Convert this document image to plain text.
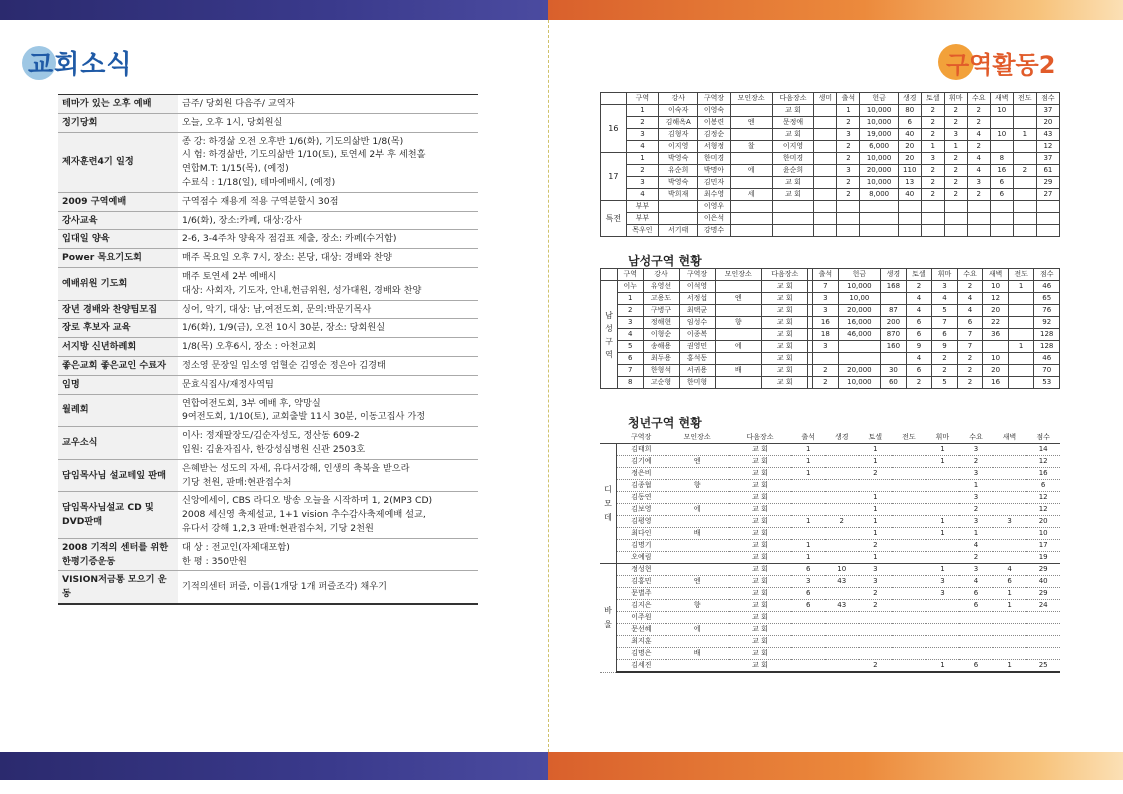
교회소식
테마가 있는 오후 예배	금주/ 당회원 다음주/ 교역자
정기당회	오늘, 오후 1시, 당회원실
제자훈련4기 일정	종 강: 하경삶 오전 오후반 1/6(화), 기도의삶반 1/8(목)
시 험: 하경삶반, 기도의삶반 1/10(토), 토연세 2부 후 세천홀
연합M.T: 1/15(목), (예정)
수료식 : 1/18(일), 테마예배시, (예정)
2009 구역예배	구역점수 재용게 적용 구역분할시 30점
강사교육	1/6(화), 장소:카페, 대상:강사
입대일 양육	2-6, 3-4주차 양육자 점검표 제출, 장소: 카페(수거함)
Power 목요기도회	매주 목요일 오후 7시, 장소: 본당, 대상: 경배와 찬양
예배위원 기도회	매주 토연세 2부 예배시
대상: 사회자, 기도자, 안내,헌금위원, 성가대원, 경배와 찬양
장년 경배와 찬양팀모집	싱어, 악기, 대상: 남,여전도회, 문의:박문기목사
장로 후보자 교육	1/6(화), 1/9(금), 오전 10시 30분, 장소: 당회원실
서지방 신년하례회	1/8(목) 오후6시, 장소 : 아천교회
좋은교회 좋은교인 수료자	정소영 문장일 임소영 엄혈순 김영순 정은아 김경태
임명	문효식집사/재정사역팀
월례회	연합여전도회, 3부 예배 후, 약망실
9여전도회, 1/10(토), 교회출발 11시 30분, 이동고집사 가정
교우소식	이사: 정재팔장도/김순자성도, 정산동 609-2
입원: 김윤자집사, 한강성심병원 신관 2503호
담임목사님 설교테잎 판매	은혜받는 성도의 자세, 유다서강해, 인생의 축복을 받으라
기당 천원, 판매:현관접수처
담임목사님설교 CD 및 DVD판매	신앙에세이, CBS 라디오 방송 오늘을 시작하며 1, 2(MP3 CD)
2008 세신영 축제설교, 1+1 vision 추수감사축제예배 설교,
유다서 강해 1,2,3 판매:현관접수처, 기당 2천원
2008 기적의 센터를 위한 한평기증운동	대 상 : 전교인(자체대포함)
한 평 : 350만원
VISION저금통 모으기 운동	기적의센터 퍼즐, 이름(1개당 1개 퍼즐조각) 채우기
구역활동2
	구역	강사	구역장	모인장소	다음장소	생미	출석	헌금	생경	토셀	휘마	수요	새벽	전도	점수
16	1	이숙자	이영숙		교 회		1	10,000	80	2	2	2	10		37
	2	김해옥A	이봉련	엔	문정애		2	10,000	6	2	2	2			20
	3	김형자	김정순		교 회		3	19,000	40	2	3	4	10	1	43
	4	이지영	서형정	찰	이지영		2	6,000	20	1	1	2			12
17	1	박영숙	한미경		한미경		2	10,000	20	3	2	4	8		37
	2	유순희	박명아	에	윤순희		3	20,000	110	2	2	4	16	2	61
	3	박영숙	김민자		교 회		2	10,000	13	2	2	3	6		29
	4	박희재	최수영	세	교 회		2	8,000	40	2	2	2	6		27
특전	부부		이영우												
	부부		이은석												
	목우인	서기태	강명수												
남성구역 현황
	구역	강사	구역장	모인장소	다음장소		출석	헌금	생경	토셀	휘마	수요	새벽	전도	점수
남성구역	이누	유영선	이석영		교 회		7	10,000	168	2	3	2	10	1	46
	1	고용도	서정섭	엔	교 회		3	10,00		4	4	4	12		65
	2	구병구	최택균		교 회		3	20,000	87	4	5	4	20		76
	3	정해현	임성수	향	교 회		16	16,000	200	6	7	6	22		92
	4	이형순	이종복		교 회		18	46,000	870	6	6	7	36		128
	5	송해용	권영민	에	교 회		3		160	9	9	7		1	128
	6	최두용	홍석동		교 회					4	2	2	10		46
	7	한형석	서귀용	배	교 회		2	20,000	30	6	2	2	20		70
	8	고순형	한미형		교 회		2	10,000	60	2	5	2	16		53
청년구역 현황
	구역장	모인장소	다음장소	출석	생경	토셀	전도	휘마	수요	새벽	점수
디모데	김태희		교 회	1		1		1	3		14
	김기예	엔	교 회	1		1		1	2		12
	정은비		교 회	1		2			3		16
	김종협	향	교 회						1		6
	김동연		교 회			1			3		12
	김보영	에	교 회			1			2		12
	김평영		교 회	1	2	1		1	3	3	20
	최다인	배	교 회			1		1	1		10
	김명기		교 회	1		2			4		17
	오예림		교 회	1		1			2		19
바울	정성현		교 회	6	10	3		1	3	4	29
	김홍민	엔	교 회	3	43	3		3	4	6	40
	문별주		교 회	6		2		3	6	1	29
	김지은	향	교 회	6	43	2			6	1	24
	이주원		교 회								
	문선혜	에	교 회								
	최지훈		교 회								
	김명은	배	교 회								
	김세진		교 회			2		1	6	1	25
